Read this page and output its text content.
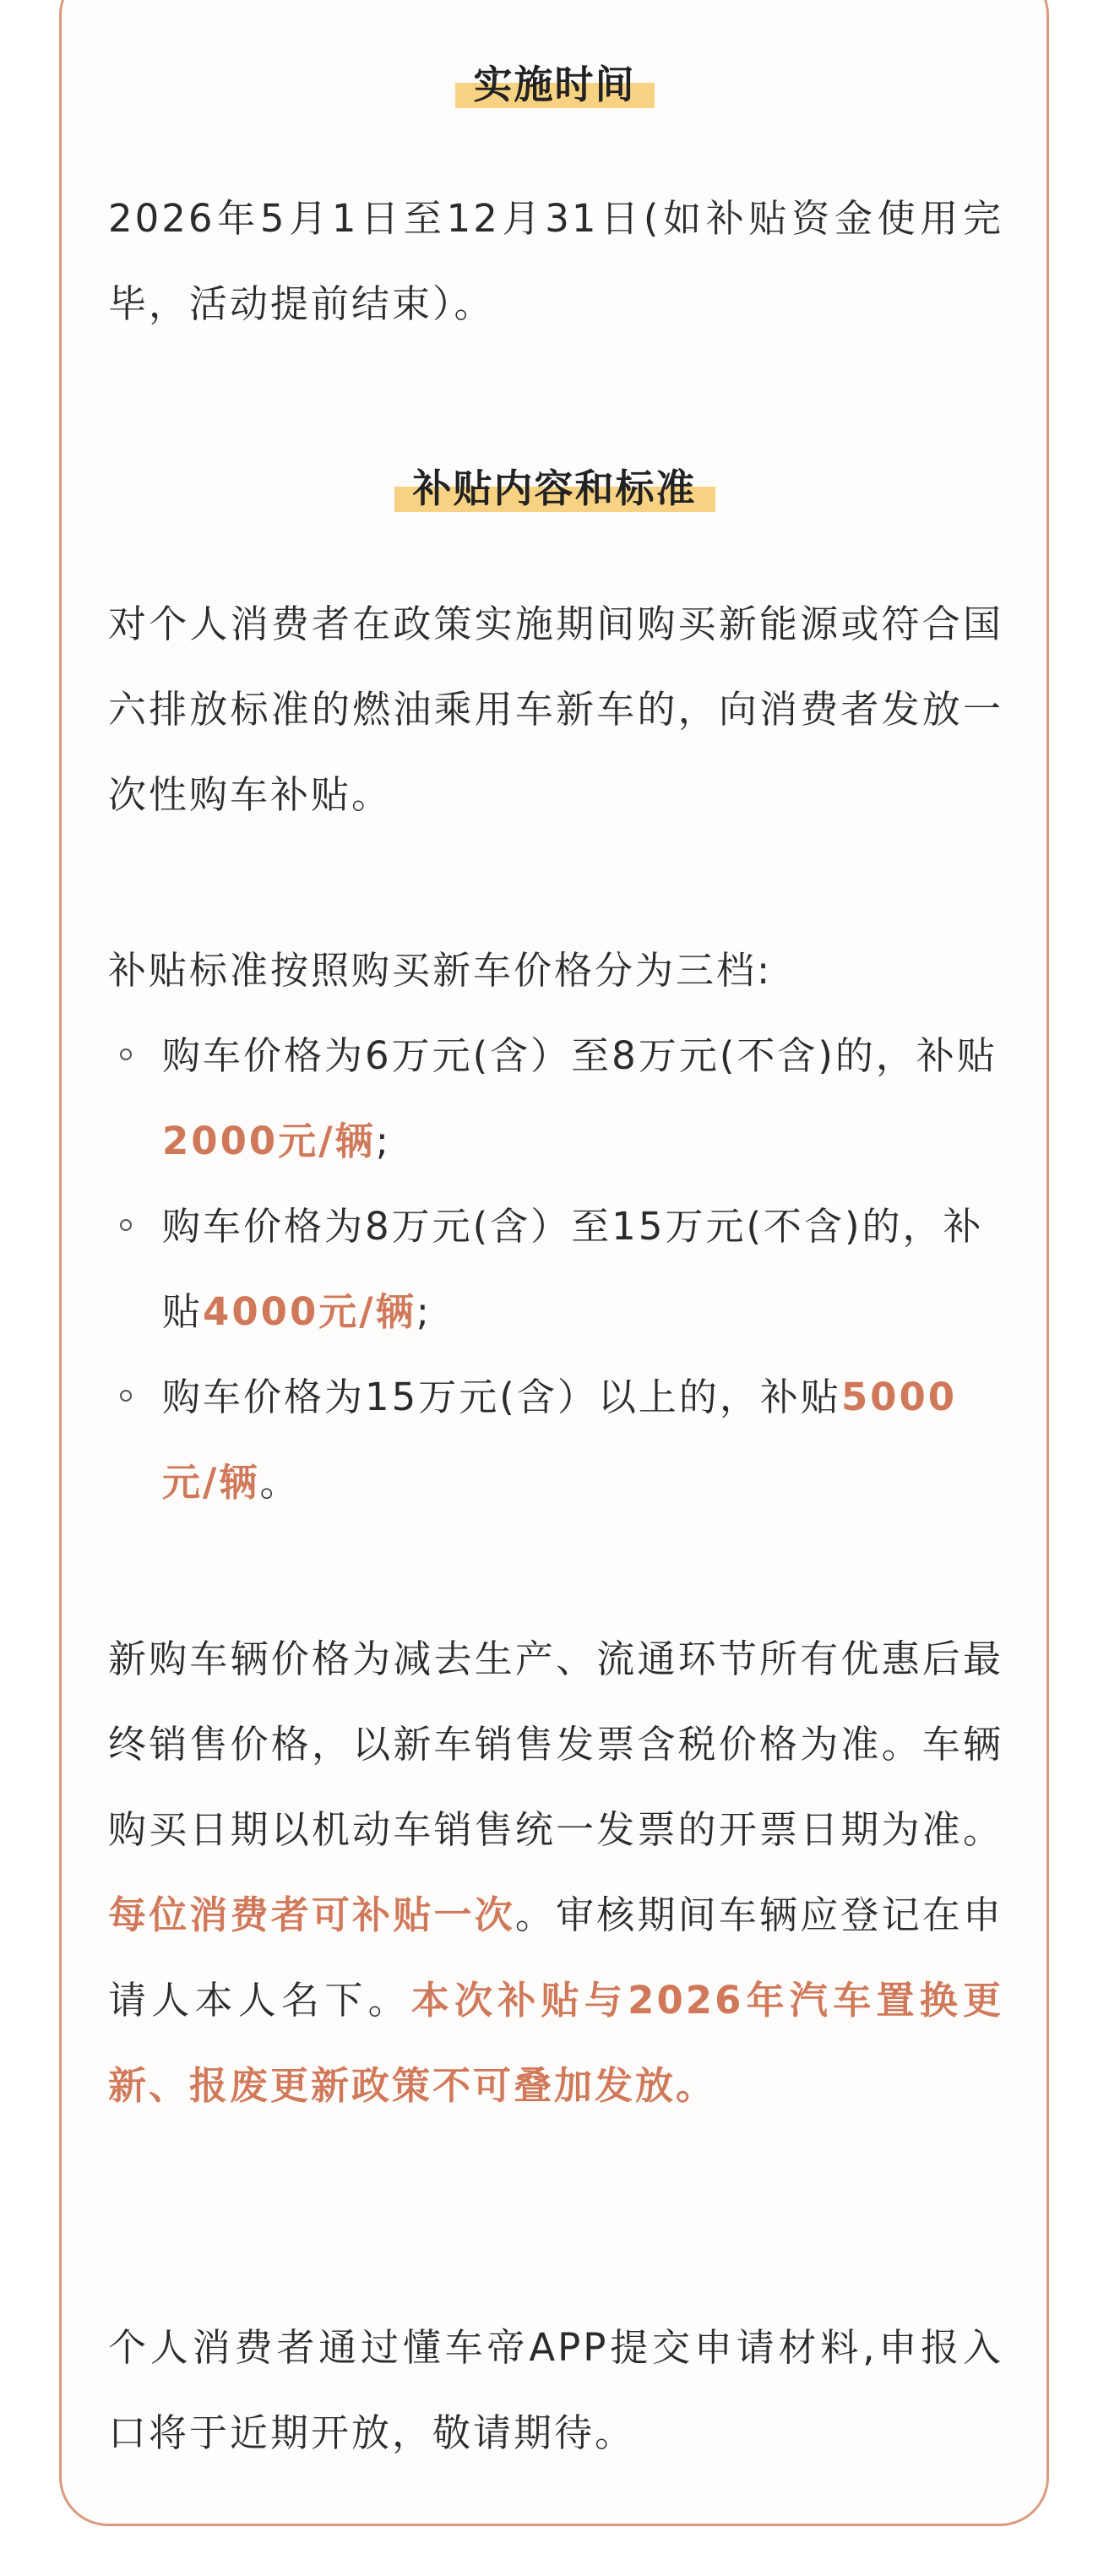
实施时间

2026年5月1日至12月31日(如补贴资金使用完毕，活动提前结束）。

补贴内容和标准

对个人消费者在政策实施期间购买新能源或符合国六排放标准的燃油乘用车新车的，向消费者发放一次性购车补贴。

补贴标准按照购买新车价格分为三档:

购车价格为6万元(含）至8万元(不含)的，补贴2000元/辆;
购车价格为8万元(含）至15万元(不含)的，补贴4000元/辆;
购车价格为15万元(含）以上的，补贴5000元/辆。

新购车辆价格为减去生产、流通环节所有优惠后最终销售价格，以新车销售发票含税价格为准。车辆购买日期以机动车销售统一发票的开票日期为准。每位消费者可补贴一次。审核期间车辆应登记在申请人本人名下。本次补贴与2026年汽车置换更新、报废更新政策不可叠加发放。

个人消费者通过懂车帝APP提交申请材料,申报入口将于近期开放，敬请期待。
